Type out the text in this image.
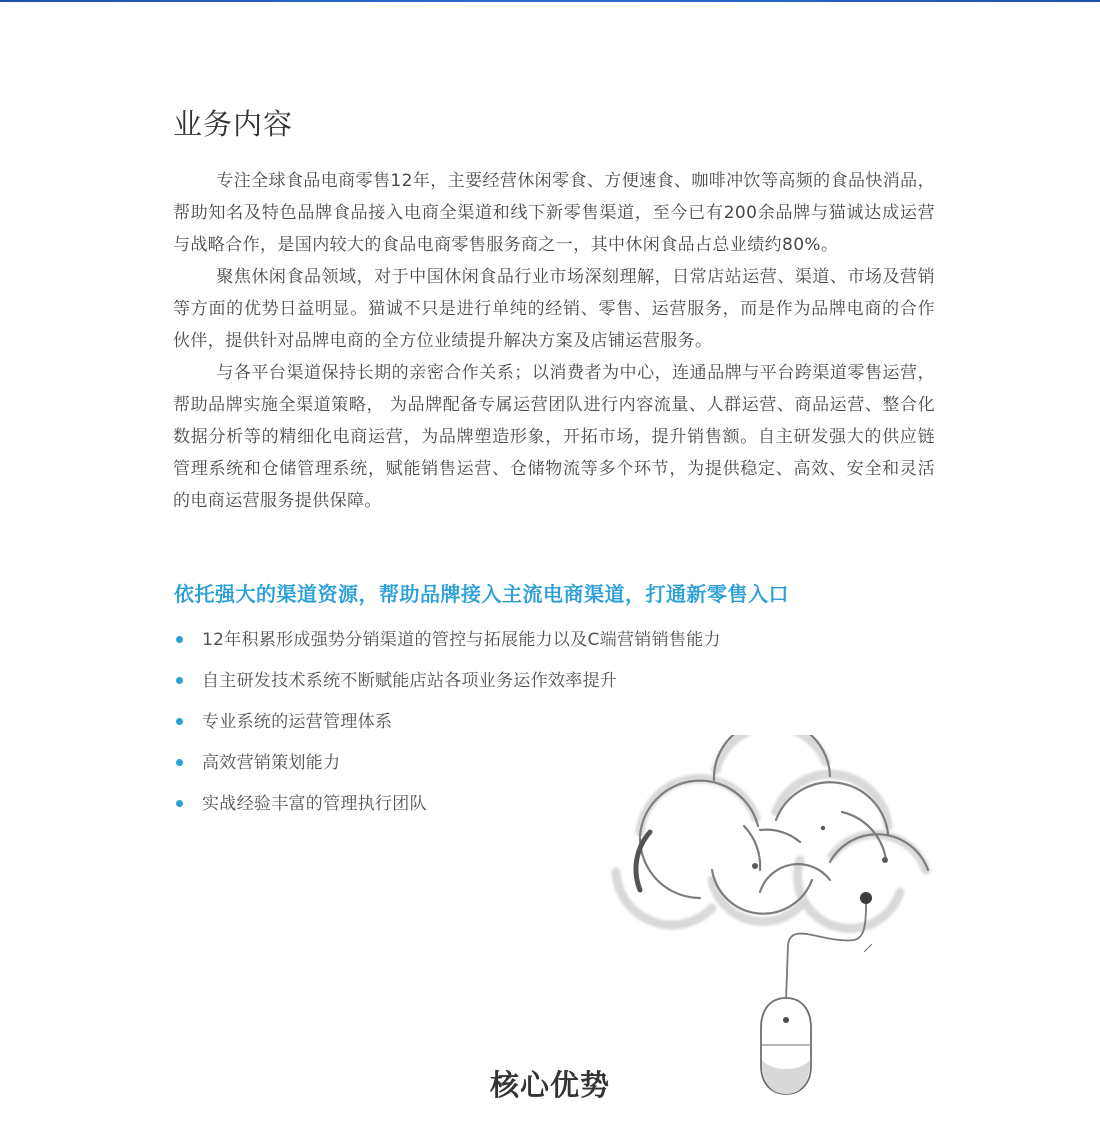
业务内容

专注全球食品电商零售12年，主要经营休闲零食、方便速食、咖啡冲饮等高频的食品快消品，帮助知名及特色品牌食品接入电商全渠道和线下新零售渠道，至今已有200余品牌与猫诚达成运营与战略合作，是国内较大的食品电商零售服务商之一，其中休闲食品占总业绩约80%。

聚焦休闲食品领域，对于中国休闲食品行业市场深刻理解，日常店站运营、渠道、市场及营销等方面的优势日益明显。猫诚不只是进行单纯的经销、零售、运营服务，而是作为品牌电商的合作伙伴，提供针对品牌电商的全方位业绩提升解决方案及店铺运营服务。

与各平台渠道保持长期的亲密合作关系；以消费者为中心，连通品牌与平台跨渠道零售运营，帮助品牌实施全渠道策略， 为品牌配备专属运营团队进行内容流量、人群运营、商品运营、整合化数据分析等的精细化电商运营，为品牌塑造形象，开拓市场，提升销售额。自主研发强大的供应链管理系统和仓储管理系统，赋能销售运营、仓储物流等多个环节，为提供稳定、高效、安全和灵活的电商运营服务提供保障。

依托强大的渠道资源，帮助品牌接入主流电商渠道，打通新零售入口
12年积累形成强势分销渠道的管控与拓展能力以及C端营销销售能力
自主研发技术系统不断赋能店站各项业务运作效率提升
专业系统的运营管理体系
高效营销策划能力
实战经验丰富的管理执行团队
核心优势
